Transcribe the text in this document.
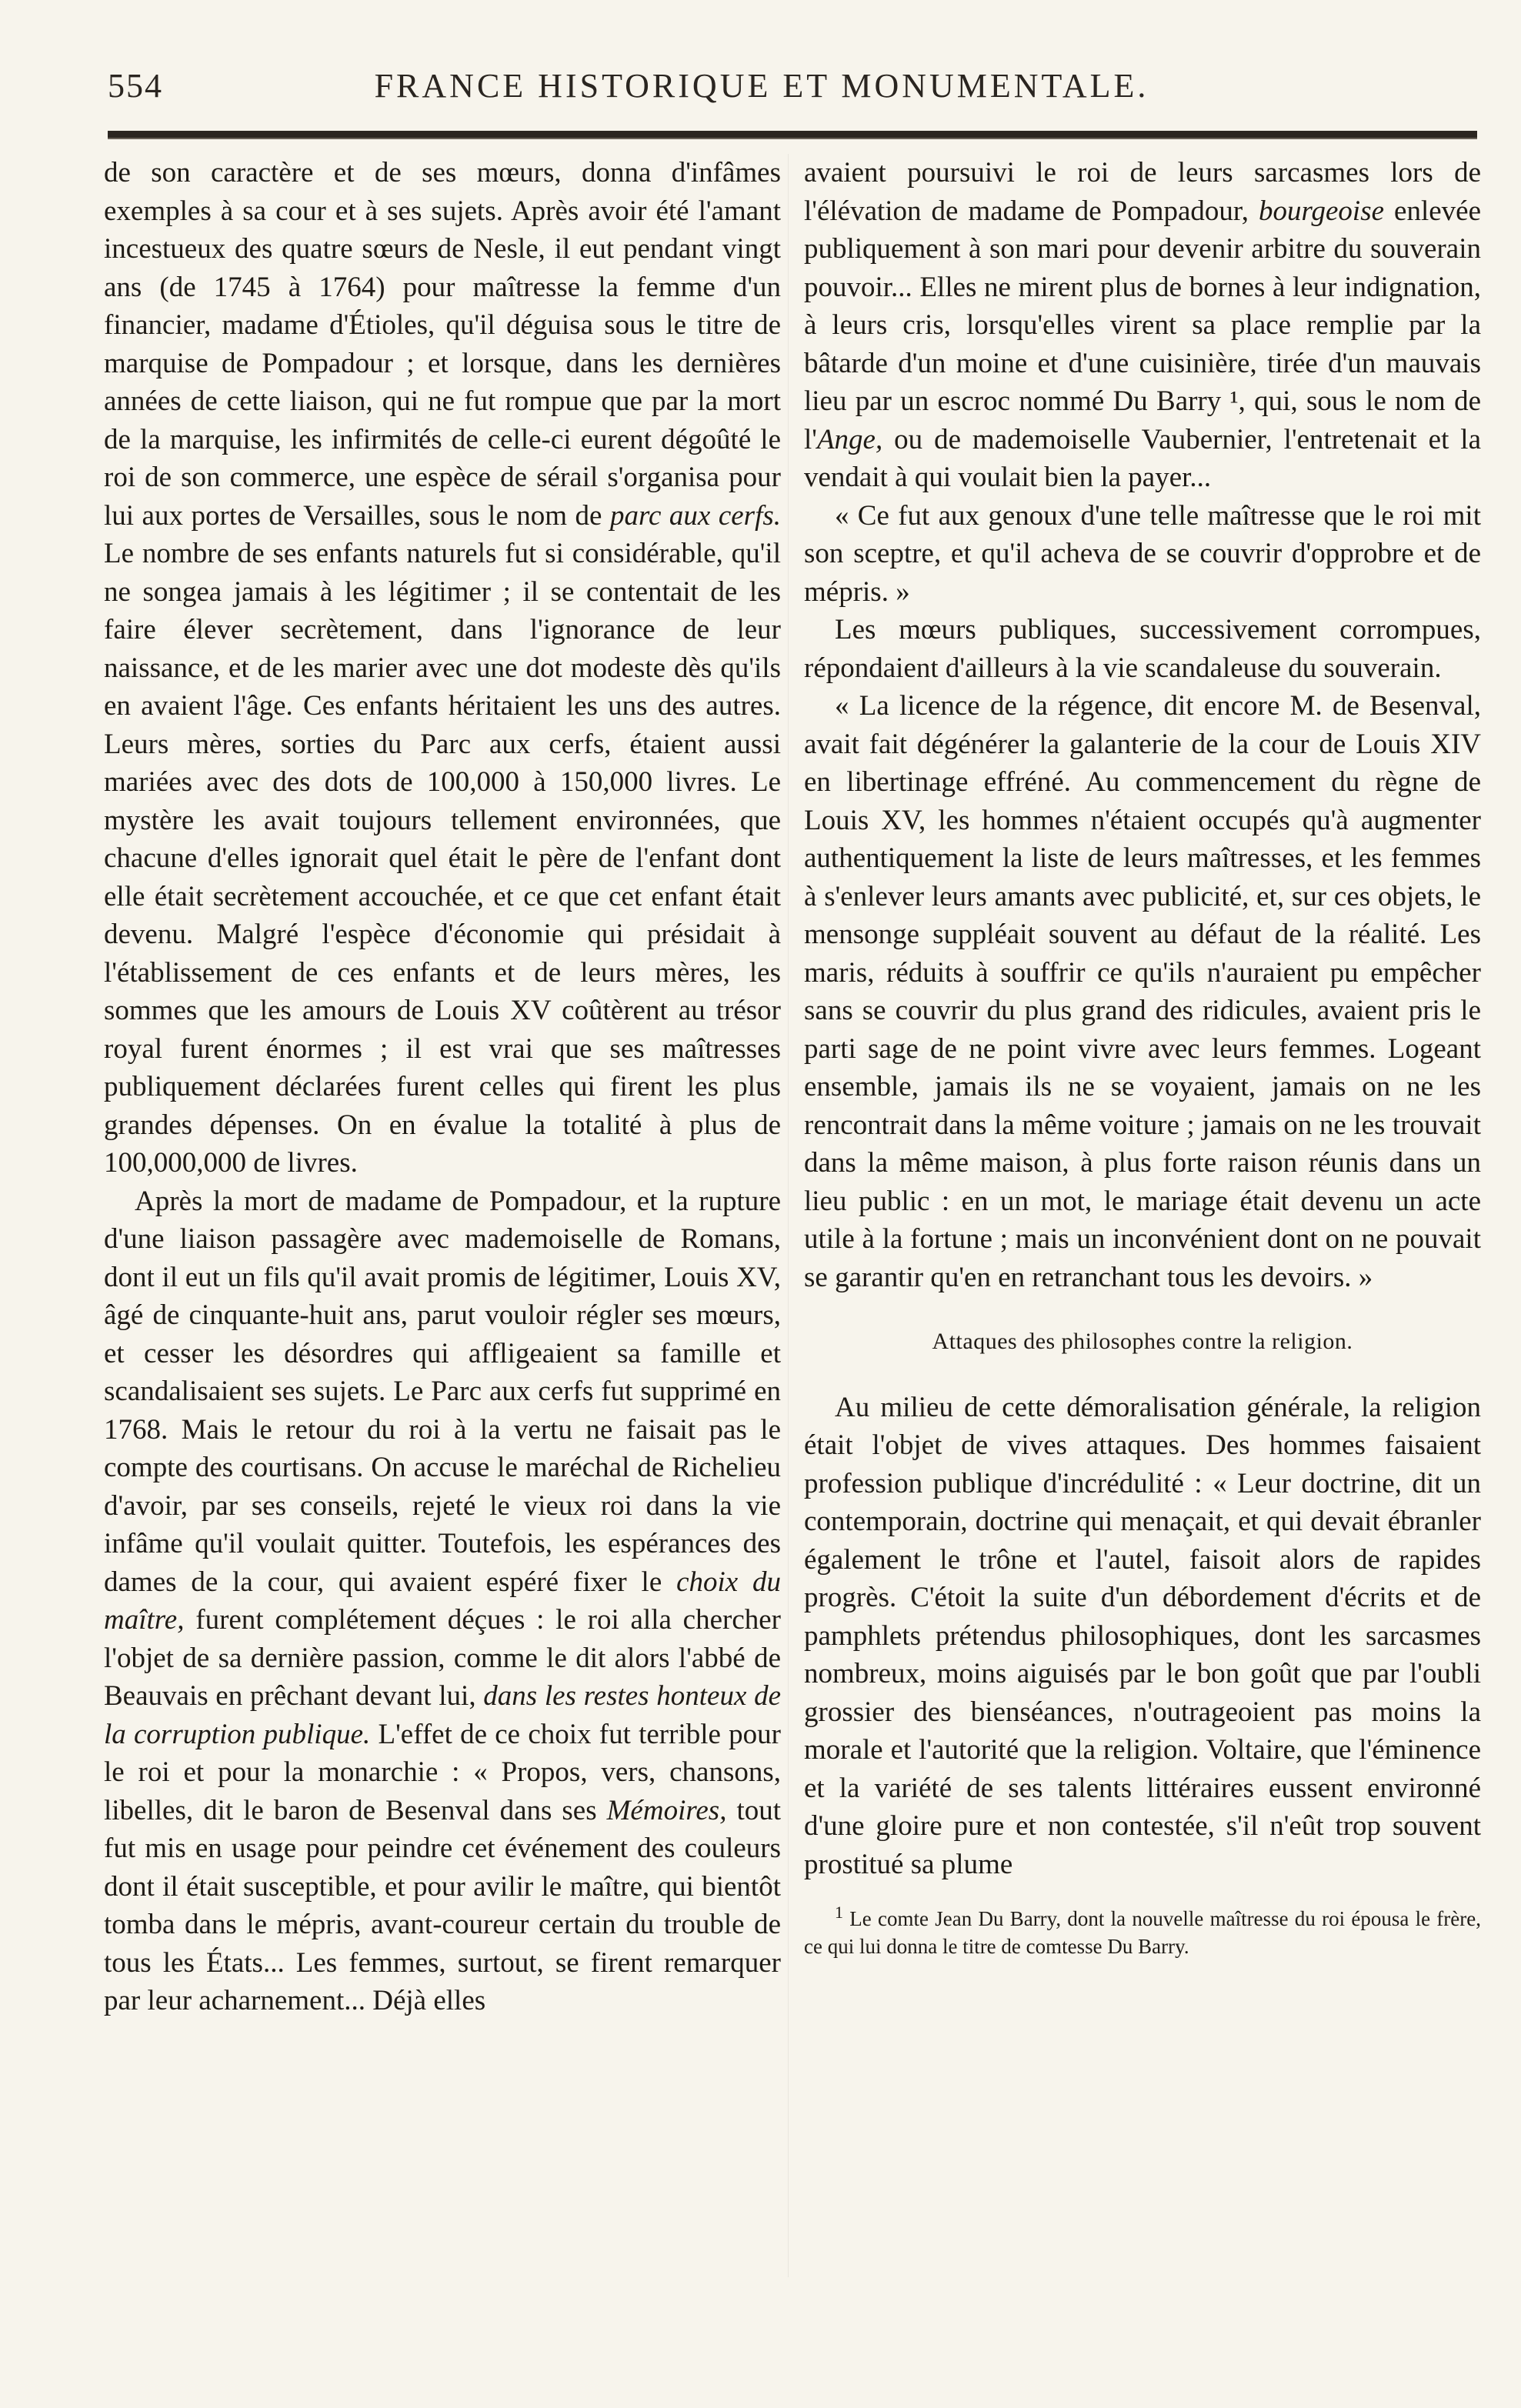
554	FRANCE HISTORIQUE ET MONUMENTALE.

de son caractère et de ses mœurs, donna d'infâmes exemples à sa cour et à ses sujets. Après avoir été l'amant incestueux des quatre sœurs de Nesle, il eut pendant vingt ans (de 1745 à 1764) pour maîtresse la femme d'un financier, madame d'Étioles, qu'il déguisa sous le titre de marquise de Pompadour ; et lorsque, dans les dernières années de cette liaison, qui ne fut rompue que par la mort de la marquise, les infirmités de celle-ci eurent dégoûté le roi de son commerce, une espèce de sérail s'organisa pour lui aux portes de Versailles, sous le nom de parc aux cerfs. Le nombre de ses enfants naturels fut si considérable, qu'il ne songea jamais à les légitimer ; il se contentait de les faire élever secrètement, dans l'ignorance de leur naissance, et de les marier avec une dot modeste dès qu'ils en avaient l'âge. Ces enfants héritaient les uns des autres. Leurs mères, sorties du Parc aux cerfs, étaient aussi mariées avec des dots de 100,000 à 150,000 livres. Le mystère les avait toujours tellement environnées, que chacune d'elles ignorait quel était le père de l'enfant dont elle était secrètement accouchée, et ce que cet enfant était devenu. Malgré l'espèce d'économie qui présidait à l'établissement de ces enfants et de leurs mères, les sommes que les amours de Louis XV coûtèrent au trésor royal furent énormes ; il est vrai que ses maîtresses publiquement déclarées furent celles qui firent les plus grandes dépenses. On en évalue la totalité à plus de 100,000,000 de livres.

Après la mort de madame de Pompadour, et la rupture d'une liaison passagère avec mademoiselle de Romans, dont il eut un fils qu'il avait promis de légitimer, Louis XV, âgé de cinquante-huit ans, parut vouloir régler ses mœurs, et cesser les désordres qui affligeaient sa famille et scandalisaient ses sujets. Le Parc aux cerfs fut supprimé en 1768. Mais le retour du roi à la vertu ne faisait pas le compte des courtisans. On accuse le maréchal de Richelieu d'avoir, par ses conseils, rejeté le vieux roi dans la vie infâme qu'il voulait quitter. Toutefois, les espérances des dames de la cour, qui avaient espéré fixer le choix du maître, furent complétement déçues : le roi alla chercher l'objet de sa dernière passion, comme le dit alors l'abbé de Beauvais en prêchant devant lui, dans les restes honteux de la corruption publique. L'effet de ce choix fut terrible pour le roi et pour la monarchie : « Propos, vers, chansons, libelles, dit le baron de Besenval dans ses Mémoires, tout fut mis en usage pour peindre cet événement des couleurs dont il était susceptible, et pour avilir le maître, qui bientôt tomba dans le mépris, avant-coureur certain du trouble de tous les États... Les femmes, surtout, se firent remarquer par leur acharnement... Déjà elles

avaient poursuivi le roi de leurs sarcasmes lors de l'élévation de madame de Pompadour, bourgeoise enlevée publiquement à son mari pour devenir arbitre du souverain pouvoir... Elles ne mirent plus de bornes à leur indignation, à leurs cris, lorsqu'elles virent sa place remplie par la bâtarde d'un moine et d'une cuisinière, tirée d'un mauvais lieu par un escroc nommé Du Barry ¹, qui, sous le nom de l'Ange, ou de mademoiselle Vaubernier, l'entretenait et la vendait à qui voulait bien la payer...

« Ce fut aux genoux d'une telle maîtresse que le roi mit son sceptre, et qu'il acheva de se couvrir d'opprobre et de mépris. »

Les mœurs publiques, successivement corrompues, répondaient d'ailleurs à la vie scandaleuse du souverain.

« La licence de la régence, dit encore M. de Besenval, avait fait dégénérer la galanterie de la cour de Louis XIV en libertinage effréné. Au commencement du règne de Louis XV, les hommes n'étaient occupés qu'à augmenter authentiquement la liste de leurs maîtresses, et les femmes à s'enlever leurs amants avec publicité, et, sur ces objets, le mensonge suppléait souvent au défaut de la réalité. Les maris, réduits à souffrir ce qu'ils n'auraient pu empêcher sans se couvrir du plus grand des ridicules, avaient pris le parti sage de ne point vivre avec leurs femmes. Logeant ensemble, jamais ils ne se voyaient, jamais on ne les rencontrait dans la même voiture ; jamais on ne les trouvait dans la même maison, à plus forte raison réunis dans un lieu public : en un mot, le mariage était devenu un acte utile à la fortune ; mais un inconvénient dont on ne pouvait se garantir qu'en en retranchant tous les devoirs. »

Attaques des philosophes contre la religion.

Au milieu de cette démoralisation générale, la religion était l'objet de vives attaques. Des hommes faisaient profession publique d'incrédulité : « Leur doctrine, dit un contemporain, doctrine qui menaçait, et qui devait ébranler également le trône et l'autel, faisoit alors de rapides progrès. C'étoit la suite d'un débordement d'écrits et de pamphlets prétendus philosophiques, dont les sarcasmes nombreux, moins aiguisés par le bon goût que par l'oubli grossier des bienséances, n'outrageoient pas moins la morale et l'autorité que la religion. Voltaire, que l'éminence et la variété de ses talents littéraires eussent environné d'une gloire pure et non contestée, s'il n'eût trop souvent prostitué sa plume

$^1$ Le comte Jean Du Barry, dont la nouvelle maîtresse du roi épousa le frère, ce qui lui donna le titre de comtesse Du Barry.
